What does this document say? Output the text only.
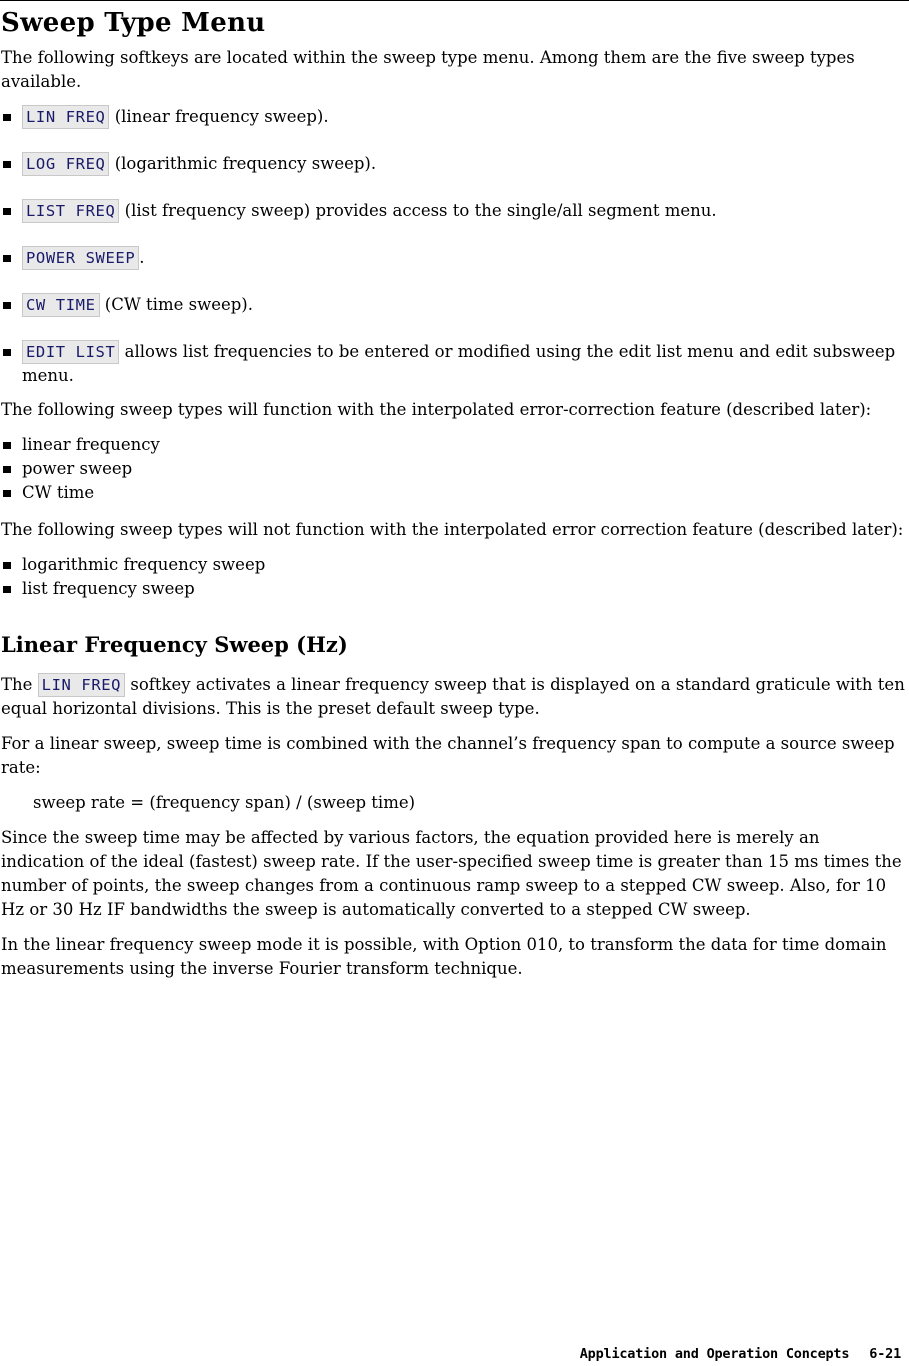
Sweep Type Menu

The following softkeys are located within the sweep type menu. Among them are the five sweep types available.

LIN FREQ (linear frequency sweep).
LOG FREQ (logarithmic frequency sweep).
LIST FREQ (list frequency sweep) provides access to the single/all segment menu.
POWER SWEEP .
CW TIME (CW time sweep).
EDIT LIST allows list frequencies to be entered or modified using the edit list menu and edit subsweep menu.

The following sweep types will function with the interpolated error-correction feature (described later):

linear frequency
power sweep
CW time

The following sweep types will not function with the interpolated error correction feature (described later):

logarithmic frequency sweep
list frequency sweep
Linear Frequency Sweep (Hz)

The LIN FREQ softkey activates a linear frequency sweep that is displayed on a standard graticule with ten equal horizontal divisions. This is the preset default sweep type.

For a linear sweep, sweep time is combined with the channel’s frequency span to compute a source sweep rate:

sweep rate = (frequency span) / (sweep time)

Since the sweep time may be affected by various factors, the equation provided here is merely an indication of the ideal (fastest) sweep rate. If the user-specified sweep time is greater than 15 ms times the number of points, the sweep changes from a continuous ramp sweep to a stepped CW sweep. Also, for 10 Hz or 30 Hz IF bandwidths the sweep is automatically converted to a stepped CW sweep.

In the linear frequency sweep mode it is possible, with Option 010, to transform the data for time domain measurements using the inverse Fourier transform technique.

Application and Operation Concepts 6-21
